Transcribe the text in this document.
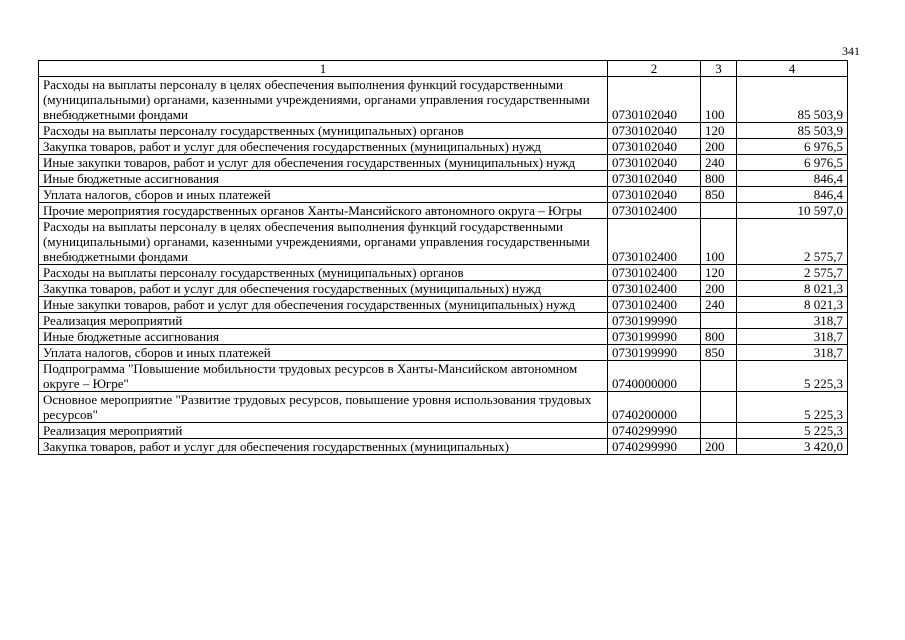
341
1	2	3	4
Расходы на выплаты персоналу в целях обеспечения выполнения функций государственными (муниципальными) органами, казенными учреждениями, органами управления государственными внебюджетными фондами	0730102040	100	85 503,9
Расходы на выплаты персоналу государственных (муниципальных) органов	0730102040	120	85 503,9
Закупка товаров, работ и услуг для обеспечения государственных (муниципальных) нужд	0730102040	200	6 976,5
Иные закупки товаров, работ и услуг для обеспечения государственных (муниципальных) нужд	0730102040	240	6 976,5
Иные бюджетные ассигнования	0730102040	800	846,4
Уплата налогов, сборов и иных платежей	0730102040	850	846,4
Прочие мероприятия государственных органов Ханты-Мансийского автономного округа – Югры	0730102400		10 597,0
Расходы на выплаты персоналу в целях обеспечения выполнения функций государственными (муниципальными) органами, казенными учреждениями, органами управления государственными внебюджетными фондами	0730102400	100	2 575,7
Расходы на выплаты персоналу государственных (муниципальных) органов	0730102400	120	2 575,7
Закупка товаров, работ и услуг для обеспечения государственных (муниципальных) нужд	0730102400	200	8 021,3
Иные закупки товаров, работ и услуг для обеспечения государственных (муниципальных) нужд	0730102400	240	8 021,3
Реализация мероприятий	0730199990		318,7
Иные бюджетные ассигнования	0730199990	800	318,7
Уплата налогов, сборов и иных платежей	0730199990	850	318,7
Подпрограмма "Повышение мобильности трудовых ресурсов в Ханты-Мансийском автономном округе – Югре"	0740000000		5 225,3
Основное мероприятие "Развитие трудовых ресурсов, повышение уровня использования трудовых ресурсов"	0740200000		5 225,3
Реализация мероприятий	0740299990		5 225,3
Закупка товаров, работ и услуг для обеспечения государственных (муниципальных)	0740299990	200	3 420,0
